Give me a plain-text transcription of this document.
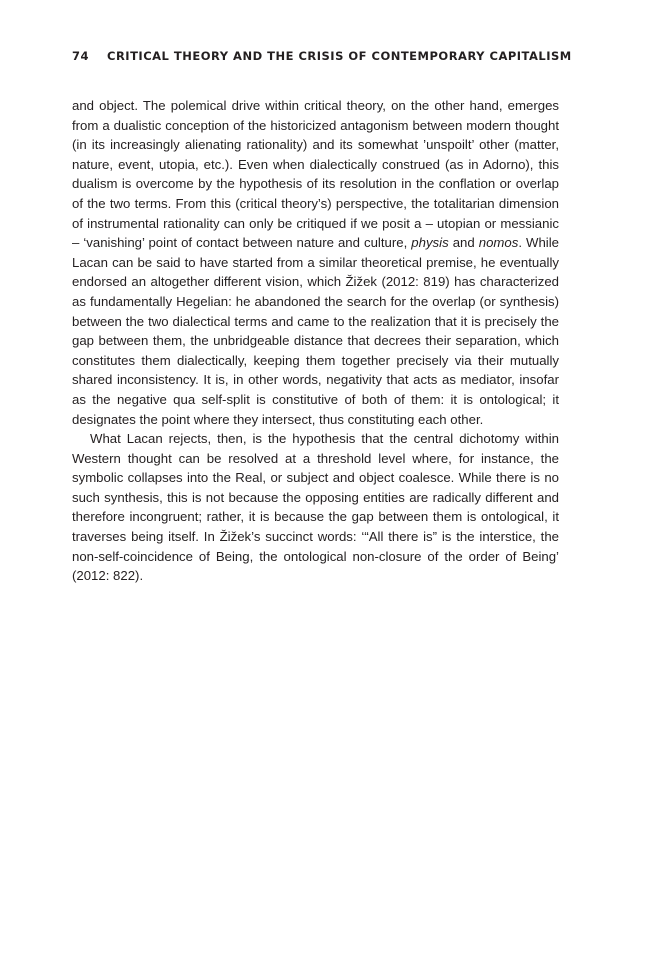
74 CRITICAL THEORY AND THE CRISIS OF CONTEMPORARY CAPITALISM

and object. The polemical drive within critical theory, on the other hand, emerges from a dualistic conception of the historicized antagonism between modern thought (in its increasingly alienating rationality) and its somewhat ’unspoilt’ other (matter, nature, event, utopia, etc.). Even when dialectically construed (as in Adorno), this dualism is overcome by the hypothesis of its resolution in the conflation or overlap of the two terms. From this (critical theory’s) perspective, the totalitarian dimension of instrumental rationality can only be critiqued if we posit a – utopian or messianic – ‘vanishing’ point of contact between nature and culture, physis and nomos. While Lacan can be said to have started from a similar theoretical premise, he eventually endorsed an altogether different vision, which Žižek (2012: 819) has characterized as fundamentally Hegelian: he abandoned the search for the overlap (or synthesis) between the two dialectical terms and came to the realization that it is precisely the gap between them, the unbridgeable distance that decrees their separation, which constitutes them dialectically, keeping them together precisely via their mutually shared inconsistency. It is, in other words, negativity that acts as mediator, insofar as the negative qua self-split is constitutive of both of them: it is ontological; it designates the point where they intersect, thus constituting each other.

What Lacan rejects, then, is the hypothesis that the central dichotomy within Western thought can be resolved at a threshold level where, for instance, the symbolic collapses into the Real, or subject and object coalesce. While there is no such synthesis, this is not because the opposing entities are radically different and therefore incongruent; rather, it is because the gap between them is ontological, it traverses being itself. In Žižek’s succinct words: ‘“All there is” is the interstice, the non-self-coincidence of Being, the ontological non-closure of the order of Being’ (2012: 822).
